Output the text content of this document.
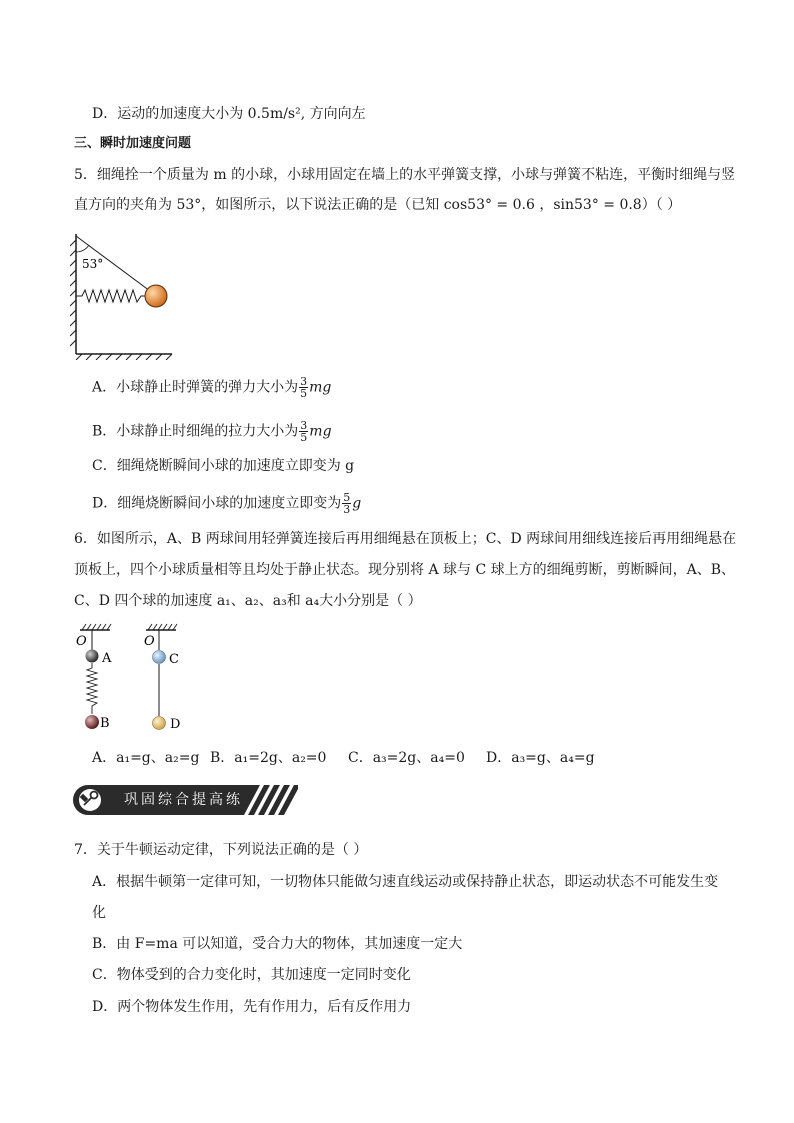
D．运动的加速度大小为 0.5m/s², 方向向左
三、瞬时加速度问题
5．细绳拴一个质量为 m 的小球，小球用固定在墙上的水平弹簧支撑，小球与弹簧不粘连，平衡时细绳与竖
直方向的夹角为 53°，如图所示，以下说法正确的是（已知 cos53° = 0.6 ，sin53° = 0.8）（ ）
53°
A．小球静止时弹簧的弹力大小为 $\frac{3}{5}$ mg
B．小球静止时细绳的拉力大小为 $\frac{3}{5}$ mg
C．细绳烧断瞬间小球的加速度立即变为 g
D．细绳烧断瞬间小球的加速度立即变为 $\frac{5}{3}$ g
6．如图所示，A、B 两球间用轻弹簧连接后再用细绳悬在顶板上；C、D 两球间用细线连接后再用细绳悬在
顶板上，四个小球质量相等且均处于静止状态。现分别将 A 球与 C 球上方的细绳剪断，剪断瞬间，A、B、
C、D 四个球的加速度 a₁、a₂、a₃和 a₄大小分别是（ ）
O
A
B
O
C
D
A．a₁=g、a₂=g B．a₁=2g、a₂=0 C．a₃=2g、a₄=0 D．a₃=g、a₄=g
巩固综合提高练
7．关于牛顿运动定律，下列说法正确的是（ ）
A．根据牛顿第一定律可知，一切物体只能做匀速直线运动或保持静止状态，即运动状态不可能发生变
化
B．由 F=ma 可以知道，受合力大的物体，其加速度一定大
C．物体受到的合力变化时，其加速度一定同时变化
D．两个物体发生作用，先有作用力，后有反作用力
